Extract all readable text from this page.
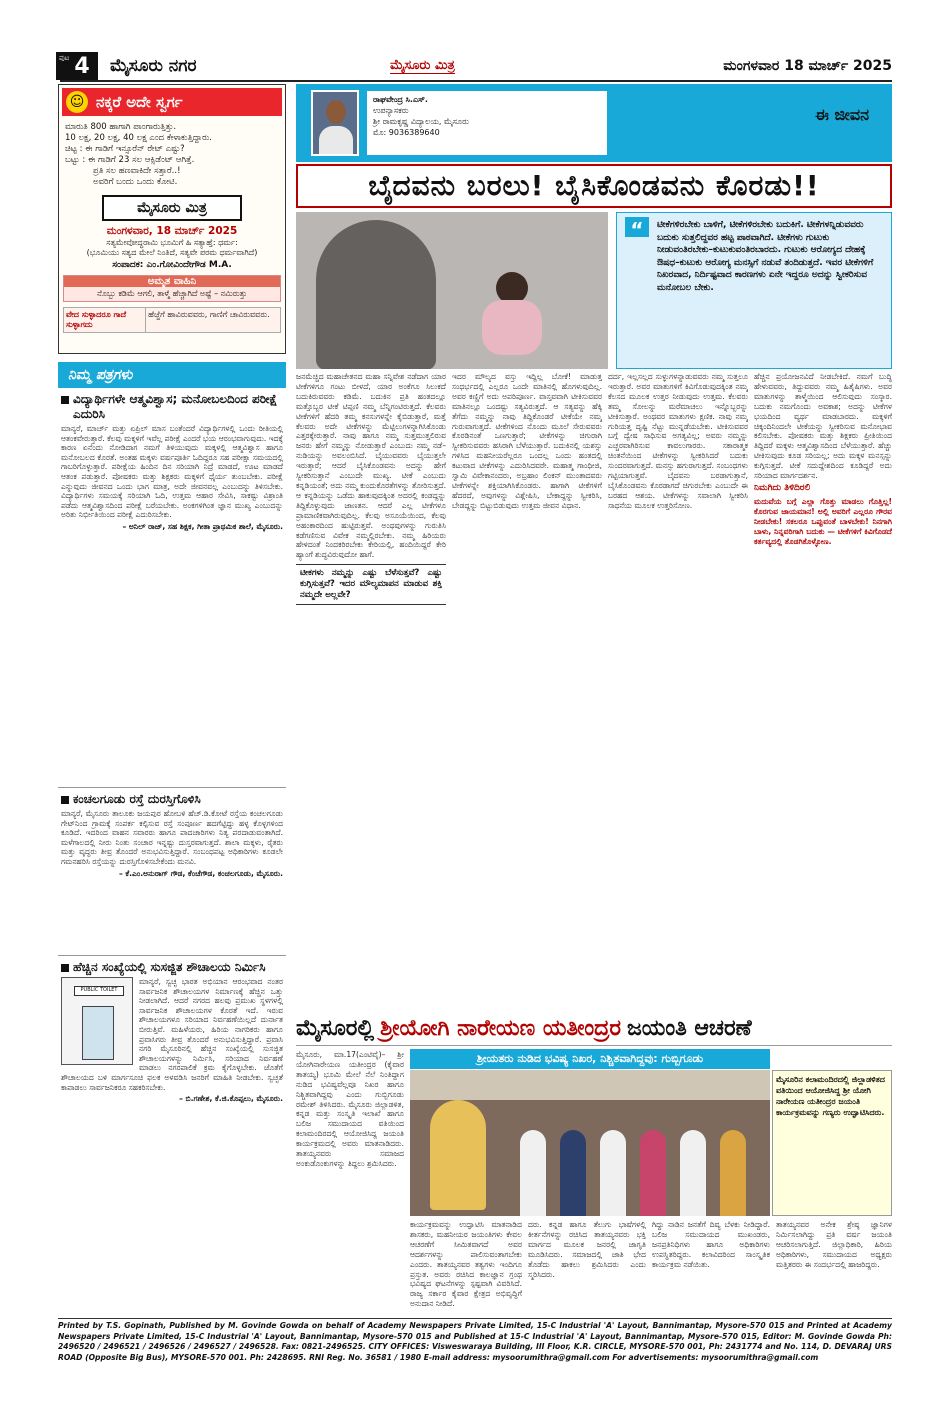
ಪುಟ 4 ಮೈಸೂರು ನಗರ	ಮೈಸೂರು ಮಿತ್ರ	ಮಂಗಳವಾರ 18 ಮಾರ್ಚ್ 2025
☺ ನಕ್ಕರೆ ಅದೇ ಸ್ವರ್ಗ
ಮಾರುತಿ 800 ಹಾಗಾಗಿ ಪಾಂಗಾರುತ್ತಿತ್ತು.
10 ಲಕ್ಷ, 20 ಲಕ್ಷ, 40 ಲಕ್ಷ ಎಂದ ಕೇಳಾಕುತ್ತಿದ್ದಾರು.
ಚಿಟ್ಟ : ಈ ಗಾಡಿಗೆ ಇನ್ಸೂರೆನ್ ರೇಟ್ ಎಷ್ಟು?
ಬಟ್ಟು : ಈ ಗಾಡಿಗೆ 23 ಸಲ ಆಕ್ಸಿಡೆಂಟ್ ಆಗಿತ್ತೆ.
ಪ್ರತಿ ಸಲ ಹಣವಾಕಿದೇ ಸತ್ತಾರೆ..!
ಅವರಿಗೆ ಬಂದು ಒಂದು ಕೋಟಿ.
ಮೈಸೂರು ಮಿತ್ರ
ಮಂಗಳವಾರ, 18 ಮಾರ್ಚ್ 2025
ಸತ್ಯಮೇವೋದ್ಧರಾಮಿ ಭೂಮಿಗೆ ಹಿ ಸತ್ಯಾಹ್ತೆ: ಧರ್ಮ:
(ಭೂಮಿಯು ಸತ್ಯದ ಮೇಲೆ ನಿಂತಿದೆ, ಸತ್ಯವೇ ಪರಮ ಧರ್ಮವಾಗಿದೆ)
ಸಂಪಾದಕ: ಎಂ.ಗೋವಿಂದೇಗೌಡ M.A.
ಅಮೃತ ವಾಹಿನಿ
ನೊಬ್ಬು ಕಡಿಮೆ ಆಗಲಿ, ತಾಳ್ಮೆ ಹೆಚ್ಚಾಗಿದೆ ಅಷ್ಟೆ – ನಮಿರುತ್ತು
ವೇದ ಸುಳ್ಳಾದರೂ ಗಾದೆ ಸುಳ್ಳಾಗದು
ಹೆಜ್ಜೆಗೆ ಹಾವಿರುವವರು, ಗಾಣಿಗೆ ಚಾವಿರುವವರು.
ನಿಮ್ಮ ಪತ್ರಗಳು
ವಿದ್ಯಾರ್ಥಿಗಳೇ ಆತ್ಮವಿಶ್ವಾಸ; ಮನೋಬಲದಿಂದ ಪರೀಕ್ಷೆ ಎದುರಿಸಿ
ಮಾನ್ಯರೆ, ಮಾರ್ಚ್ ಮತ್ತು ಏಪ್ರಿಲ್ ಮಾಸ ಬಂತೆಂದರೆ ವಿದ್ಯಾರ್ಥಿಗಳಲ್ಲಿ ಒಂದು ರೀತಿಯಲ್ಲಿ ಆತಂಕವೇರುತ್ತಾರೆ. ಕೆಲವು ಮಕ್ಕಳಿಗೆ ಇವೆಲ್ಲ ಪರೀಕ್ಷೆ ಎಂದರೆ ಭಯ ಆರಂಭವಾಗುವುದು. ಇದಕ್ಕೆ ಕಾರಣ ಏನೆಂದು ನೋಡಿದಾಗ ನಮಗೆ ತಿಳಿಯುವುದು ಮಕ್ಕಳಲ್ಲಿ ಆತ್ಮವಿಶ್ವಾಸ ಹಾಗೂ ಮನೋಬಲದ ಕೊರತೆ. ಅಂತಹ ಮಕ್ಕಳು ವರ್ಷಪೂರ್ತಿ ಓದಿದ್ದರೂ ಸಹ ಪರೀಕ್ಷಾ ಸಮಯದಲ್ಲಿ ಗಾಬರಿಗೊಳ್ಳುತ್ತಾರೆ. ಪರೀಕ್ಷೆಯ ಹಿಂದಿನ ದಿನ ಸರಿಯಾಗಿ ನಿದ್ರೆ ಮಾಡದೆ, ಊಟ ಮಾಡದೆ ಆತಂಕ ಪಡುತ್ತಾರೆ. ಪೋಷಕರು ಮತ್ತು ಶಿಕ್ಷಕರು ಮಕ್ಕಳಿಗೆ ಧೈರ್ಯ ತುಂಬಬೇಕು. ಪರೀಕ್ಷೆ ಎನ್ನುವುದು ಜೀವನದ ಒಂದು ಭಾಗ ಮಾತ್ರ, ಅದೇ ಜೀವನವಲ್ಲ ಎಂಬುದನ್ನು ತಿಳಿಸಬೇಕು. ವಿದ್ಯಾರ್ಥಿಗಳು ಸಮಯಕ್ಕೆ ಸರಿಯಾಗಿ ಓದಿ, ಉತ್ತಮ ಆಹಾರ ಸೇವಿಸಿ, ಸಾಕಷ್ಟು ವಿಶ್ರಾಂತಿ ಪಡೆದು ಆತ್ಮವಿಶ್ವಾಸದಿಂದ ಪರೀಕ್ಷೆ ಬರೆಯಬೇಕು. ಅಂಕಗಳಿಗಿಂತ ಜ್ಞಾನ ಮುಖ್ಯ ಎಂಬುದನ್ನು ಅರಿತು ನಿರ್ಭೀತಿಯಿಂದ ಪರೀಕ್ಷೆ ಎದುರಿಸಬೇಕು.
– ಅನಿಲ್ ರಾಜ್, ಸಹ ಶಿಕ್ಷಕ, ಗೀತಾ ಪ್ರಾಥಮಿಕ ಶಾಲೆ, ಮೈಸೂರು.
ಕಂಚಲಗೂಡು ರಸ್ತೆ ದುರಸ್ತಿಗೊಳಿಸಿ
ಮಾನ್ಯರೆ, ಮೈಸೂರು ತಾಲೂಕು ಜಯಪುರ ಹೋಬಳಿ ಹೆಚ್.ಡಿ.ಕೋಟೆ ರಸ್ತೆಯ ಕಂಚಲಗೂಡು ಗೇಟ್‌ನಿಂದ ಗ್ರಾಮಕ್ಕೆ ಸಂಪರ್ಕ ಕಲ್ಪಿಸುವ ರಸ್ತೆ ಸಂಪೂರ್ಣ ಹದಗೆಟ್ಟಿದ್ದು ಹಳ್ಳ ಕೊಳ್ಳಗಳಿಂದ ಕೂಡಿದೆ. ಇದರಿಂದ ವಾಹನ ಸವಾರರು ಹಾಗೂ ಪಾದಚಾರಿಗಳು ನಿತ್ಯ ಪರದಾಡುವಂತಾಗಿದೆ. ಮಳೆಗಾಲದಲ್ಲಿ ನೀರು ನಿಂತು ಸಂಚಾರ ಇನ್ನಷ್ಟು ದುಸ್ತರವಾಗುತ್ತದೆ. ಶಾಲಾ ಮಕ್ಕಳು, ರೈತರು ಮತ್ತು ವೃದ್ಧರು ತೀವ್ರ ತೊಂದರೆ ಅನುಭವಿಸುತ್ತಿದ್ದಾರೆ. ಸಂಬಂಧಪಟ್ಟ ಅಧಿಕಾರಿಗಳು ಕೂಡಲೇ ಗಮನಹರಿಸಿ ರಸ್ತೆಯನ್ನು ದುರಸ್ತಿಗೊಳಿಸಬೇಕೆಂದು ಮನವಿ.
– ಕೆ.ಎಂ.ಅನುರಾಗ್ ಗೌಡ, ಕೆಂಚೆಗೌಡ, ಕಂಚಲಗೂಡು, ಮೈಸೂರು.
ಹೆಚ್ಚಿನ ಸಂಖ್ಯೆಯಲ್ಲಿ ಸುಸಜ್ಜಿತ ಶೌಚಾಲಯ ನಿರ್ಮಿಸಿ
PUBLIC TOILET
ಮಾನ್ಯರೆ, ಸ್ವಚ್ಛ ಭಾರತ ಅಭಿಯಾನ ಆರಂಭವಾದ ನಂತರ ಸಾರ್ವಜನಿಕ ಶೌಚಾಲಯಗಳ ನಿರ್ಮಾಣಕ್ಕೆ ಹೆಚ್ಚಿನ ಒತ್ತು ನೀಡಲಾಗಿದೆ. ಆದರೆ ನಗರದ ಹಲವು ಪ್ರಮುಖ ಸ್ಥಳಗಳಲ್ಲಿ ಸಾರ್ವಜನಿಕ ಶೌಚಾಲಯಗಳ ಕೊರತೆ ಇದೆ. ಇರುವ ಶೌಚಾಲಯಗಳೂ ಸರಿಯಾದ ನಿರ್ವಹಣೆಯಿಲ್ಲದೆ ದುರ್ನಾತ ಬೀರುತ್ತಿವೆ. ಮಹಿಳೆಯರು, ಹಿರಿಯ ನಾಗರಿಕರು ಹಾಗೂ ಪ್ರವಾಸಿಗರು ತೀವ್ರ ತೊಂದರೆ ಅನುಭವಿಸುತ್ತಿದ್ದಾರೆ. ಪ್ರವಾಸಿ ನಗರಿ ಮೈಸೂರಿನಲ್ಲಿ ಹೆಚ್ಚಿನ ಸಂಖ್ಯೆಯಲ್ಲಿ ಸುಸಜ್ಜಿತ ಶೌಚಾಲಯಗಳನ್ನು ನಿರ್ಮಿಸಿ, ಸರಿಯಾದ ನಿರ್ವಹಣೆ ಮಾಡಲು ನಗರಪಾಲಿಕೆ ಕ್ರಮ ಕೈಗೊಳ್ಳಬೇಕು. ಜೊತೆಗೆ ಶೌಚಾಲಯದ ಬಳಿ ಮಾರ್ಗಸೂಚಿ ಫಲಕ ಅಳವಡಿಸಿ ಜನರಿಗೆ ಮಾಹಿತಿ ನೀಡಬೇಕು. ಸ್ವಚ್ಛತೆ ಕಾಪಾಡಲು ಸಾರ್ವಜನಿಕರೂ ಸಹಕರಿಸಬೇಕು.
– ಬಿ.ಗಣೇಶ, ಕೆ.ಜಿ.ಕೊಪ್ಪಲು, ಮೈಸೂರು.
ರಾಘವೇಂದ್ರ ಸಿ.ಎಸ್.
ಉಪನ್ಯಾಸಕರು
ಶ್ರೀ ರಾಮಕೃಷ್ಣ ವಿದ್ಯಾಲಯ, ಮೈಸೂರು
ಮೊ: 9036389640
ಈ ಜೀವನ
ಬೈದವನು ಬರಲು! ಬೈಸಿಕೊಂಡವನು ಕೊರಡು!!
“	ಟೀಕೆಗಳಿರಬೇಕು ಬಾಳಿಗೆ, ಟೀಕೆಗಳಿರಬೇಕು ಬದುಕಿಗೆ. ಟೀಕೆಗಳನ್ನಿಡುವವರು ಬದುಕು ಸುತ್ತಲಿದ್ದವರ ಹಟ್ಟ ಪಾಠವಾಗಿದೆ. ಟೀಕೆಗಳು ಗುಟುಕು ನೀಡುವಂತಿರಬೇಕು–ಕುಟುಕುವಂತಿರಬಾರದು. ಗುಟುಕು ಆರೋಗ್ಯದ ದೇಹಕ್ಕೆ ಔಷಧ–ಕುಟುಕು ಆರೋಗ್ಯ ಮನಸ್ಸಿಗೆ ನಡುವೆ ತಂದಿಡುತ್ತದೆ. ಇವರ ಟೀಕೆಗಳಿಗೆ ನಿಖರವಾದ, ನಿರ್ದಿಷ್ಟವಾದ ಕಾರಣಗಳು ಏನೇ ಇದ್ದರೂ ಅದನ್ನು ಸ್ವೀಕರಿಸುವ ಮನೋಬಲ ಬೇಕು.
ಜನಮೆಚ್ಚಿದ ಮಹಾಚೇತನದ ಮಹಾ ಸನ್ನಿವೇಶ ನಡೆದಾಗ ಯಾರ ಟೀಕೆಗಳಿಗೂ ಗಂಟು ಬೀಳದೆ, ಯಾರ ಅಂಕೆಗೂ ಸಿಲುಕದೆ ಬದುಕಿರುವವರು ಕಡಿಮೆ. ಬದುಕಿನ ಪ್ರತಿ ಹಂತದಲ್ಲೂ ಮತ್ತೊಬ್ಬರ ಟೀಕೆ ಟಿಪ್ಪಣಿ ನಮ್ಮ ಬೆನ್ನಿಗಂಟಿರುತ್ತದೆ. ಕೆಲವರು ಟೀಕೆಗಳಿಗೆ ಹೆದರಿ ತಮ್ಮ ಕನಸುಗಳನ್ನೇ ಕೈಬಿಡುತ್ತಾರೆ, ಮತ್ತೆ ಕೆಲವರು ಅದೇ ಟೀಕೆಗಳನ್ನು ಮೆಟ್ಟಿಲುಗಳನ್ನಾಗಿಸಿಕೊಂಡು ಎತ್ತರಕ್ಕೇರುತ್ತಾರೆ. ನಾವು ಹಾಗೂ ನಮ್ಮ ಸುತ್ತಮುತ್ತಲಿರುವ ಜನರು ಹೇಗೆ ನಮ್ಮನ್ನು ನೋಡುತ್ತಾರೆ ಎಂಬುದು ನಮ್ಮ ನಡೆ–ನುಡಿಯನ್ನು ಅವಲಂಬಿಸಿದೆ. ಬೈಯುವವರು ಬೈಯುತ್ತಲೇ ಇರುತ್ತಾರೆ; ಆದರೆ ಬೈಸಿಕೊಂಡವನು ಅದನ್ನು ಹೇಗೆ ಸ್ವೀಕರಿಸುತ್ತಾನೆ ಎಂಬುದೇ ಮುಖ್ಯ. ಟೀಕೆ ಎಂಬುದು ಕನ್ನಡಿಯಂತೆ; ಅದು ನಮ್ಮ ಕುಂದುಕೊರತೆಗಳನ್ನು ತೋರಿಸುತ್ತದೆ. ಆ ಕನ್ನಡಿಯನ್ನು ಒಡೆದು ಹಾಕುವುದಕ್ಕಿಂತ ಅದರಲ್ಲಿ ಕಂಡದ್ದನ್ನು ತಿದ್ದಿಕೊಳ್ಳುವುದು ಜಾಣತನ. ಆದರೆ ಎಲ್ಲ ಟೀಕೆಗಳೂ ಪ್ರಾಮಾಣಿಕವಾಗಿರುವುದಿಲ್ಲ. ಕೆಲವು ಅಸೂಯೆಯಿಂದ, ಕೆಲವು ಅಹಂಕಾರದಿಂದ ಹುಟ್ಟಿರುತ್ತವೆ. ಅಂಥವುಗಳನ್ನು ಗುರುತಿಸಿ ಕಡೆಗಣಿಸುವ ವಿವೇಕ ನಮ್ಮಲ್ಲಿರಬೇಕು. ನಮ್ಮ ಹಿರಿಯರು ಹೇಳಿದಂತೆ ನಿಂದಕರಿರಬೇಕು ಕೇರಿಯಲ್ಲಿ, ಹಂದಿಯಿದ್ದರೆ ಕೇರಿ ಹ್ಯಾಂಗೆ ಶುದ್ಧವಿರುವುದೋ ಹಾಗೆ.
ಟೀಕಗಳು ನಮ್ಮನ್ನು ಎಷ್ಟು ಬೆಳೆಸುತ್ತವೆ? ಎಷ್ಟು ಕುಗ್ಗಿಸುತ್ತವೆ? ಇದರ ಮೌಲ್ಯಮಾಪನ ಮಾಡುವ ಶಕ್ತಿ ನಮ್ಮದೇ ಅಲ್ಲವೇ?
ಇದರ ಮೌಲ್ಯದ ವಸ್ತು ಇದ್ದಿಲ್ಲ ಬೋಕೆ! ಮಾಡುತ್ತ ಸಂಧರ್ಭದಲ್ಲಿ ಎಲ್ಲರೂ ಒಂದೇ ಮಾತಿನಲ್ಲಿ ಹೊಗಳುವುದಿಲ್ಲ. ಅವರ ಕಣ್ಣಿಗೆ ಅದು ಅಪರಿಪೂರ್ಣ. ವಾಸ್ತವವಾಗಿ ಟೀಕಿಸುವವರ ಮಾತಿನಲ್ಲೂ ಒಂದಷ್ಟು ಸತ್ಯವಿರುತ್ತದೆ. ಆ ಸತ್ಯವನ್ನು ಹೆಕ್ಕಿ ತೆಗೆದು ನಮ್ಮನ್ನು ನಾವು ತಿದ್ದಿಕೊಂಡರೆ ಟೀಕೆಯೇ ನಮ್ಮ ಗುರುವಾಗುತ್ತದೆ. ಟೀಕೆಗಳಿಂದ ನೊಂದು ಮೂಲೆ ಸೇರುವವರು ಕೊರಡಿನಂತೆ ಒಣಗುತ್ತಾರೆ; ಟೀಕೆಗಳನ್ನು ಚಿಗುರಾಗಿ ಸ್ವೀಕರಿಸುವವರು ಹಸಿರಾಗಿ ಬೆಳೆಯುತ್ತಾರೆ. ಬದುಕಿನಲ್ಲಿ ಯಶಸ್ಸು ಗಳಿಸಿದ ಮಹನೀಯರೆಲ್ಲರೂ ಒಂದಲ್ಲ ಒಂದು ಹಂತದಲ್ಲಿ ಕಟುವಾದ ಟೀಕೆಗಳನ್ನು ಎದುರಿಸಿದವರೇ. ಮಹಾತ್ಮ ಗಾಂಧೀಜಿ, ಸ್ವಾಮಿ ವಿವೇಕಾನಂದರು, ಅಬ್ರಹಾಂ ಲಿಂಕನ್ ಮುಂತಾದವರು ಟೀಕೆಗಳನ್ನೇ ಶಕ್ತಿಯಾಗಿಸಿಕೊಂಡರು. ಹಾಗಾಗಿ ಟೀಕೆಗಳಿಗೆ ಹೆದರದೆ, ಅವುಗಳನ್ನು ವಿಶ್ಲೇಷಿಸಿ, ಬೇಕಾದ್ದನ್ನು ಸ್ವೀಕರಿಸಿ, ಬೇಡದ್ದನ್ನು ಬಿಟ್ಟುಬಿಡುವುದು ಉತ್ತಮ ಜೀವನ ವಿಧಾನ.
ದರ್ದ, ಇಲ್ಲಸಲ್ಲದ ಸುಳ್ಳುಗಳನ್ನಾಡುವವರು ನಮ್ಮ ಸುತ್ತಲೂ ಇರುತ್ತಾರೆ. ಅವರ ಮಾತುಗಳಿಗೆ ಕಿವಿಗೊಡುವುದಕ್ಕಿಂತ ನಮ್ಮ ಕೆಲಸದ ಮೂಲಕ ಉತ್ತರ ನೀಡುವುದು ಉತ್ತಮ. ಕೆಲವರು ತಮ್ಮ ಸೋಲನ್ನು ಮರೆಮಾಚಲು ಇನ್ನೊಬ್ಬರನ್ನು ಟೀಕಿಸುತ್ತಾರೆ. ಅಂಥವರ ಮಾತುಗಳು ಕ್ಷಣಿಕ. ನಾವು ನಮ್ಮ ಗುರಿಯತ್ತ ದೃಷ್ಟಿ ನೆಟ್ಟು ಮುನ್ನಡೆಯಬೇಕು. ಟೀಕಿಸುವವರ ಬಗ್ಗೆ ದ್ವೇಷ ಸಾಧಿಸುವ ಅಗತ್ಯವಿಲ್ಲ; ಅವರು ನಮ್ಮನ್ನು ಎಚ್ಚರವಾಗಿರಿಸುವ ಕಾವಲುಗಾರರು. ಸಕಾರಾತ್ಮಕ ಚಿಂತನೆಯಿಂದ ಟೀಕೆಗಳನ್ನು ಸ್ವೀಕರಿಸಿದರೆ ಬದುಕು ಸುಂದರವಾಗುತ್ತದೆ. ಮನಸ್ಸು ಹಗುರಾಗುತ್ತದೆ. ಸಂಬಂಧಗಳು ಗಟ್ಟಿಯಾಗುತ್ತವೆ. ಬೈದವನು ಬರಡಾಗುತ್ತಾನೆ, ಬೈಸಿಕೊಂಡವನು ಕೊರಡಾಗದೆ ಚಿಗುರಬೇಕು ಎಂಬುದೇ ಈ ಬರಹದ ಆಶಯ. ಟೀಕೆಗಳನ್ನು ಸವಾಲಾಗಿ ಸ್ವೀಕರಿಸಿ ಸಾಧನೆಯ ಮೂಲಕ ಉತ್ತರಿಸೋಣ.
ಹೆಚ್ಚಿನ ಪ್ರಯೋಜನವಿದೆ ನೀಡಬೇಕಿದೆ. ನಮಗೆ ಬುದ್ಧಿ ಹೇಳುವವರು, ತಿದ್ದುವವರು ನಮ್ಮ ಹಿತೈಷಿಗಳು. ಅವರ ಮಾತುಗಳನ್ನು ತಾಳ್ಮೆಯಿಂದ ಆಲಿಸುವುದು ಸಂಸ್ಕಾರ. ಬದುಕು ನಮಗೊಂದು ಅವಕಾಶ; ಅದನ್ನು ಟೀಕೆಗಳ ಭಯದಿಂದ ವ್ಯರ್ಥ ಮಾಡಬಾರದು. ಮಕ್ಕಳಿಗೆ ಚಿಕ್ಕಂದಿನಿಂದಲೇ ಟೀಕೆಯನ್ನು ಸ್ವೀಕರಿಸುವ ಮನೋಭಾವ ಕಲಿಸಬೇಕು. ಪೋಷಕರು ಮತ್ತು ಶಿಕ್ಷಕರು ಪ್ರೀತಿಯಿಂದ ತಿದ್ದಿದರೆ ಮಕ್ಕಳು ಆತ್ಮವಿಶ್ವಾಸದಿಂದ ಬೆಳೆಯುತ್ತಾರೆ. ಹೆಚ್ಚು ಟೀಕಿಸುವುದು ಕೂಡ ಸರಿಯಲ್ಲ; ಅದು ಮಕ್ಕಳ ಮನಸ್ಸನ್ನು ಕುಗ್ಗಿಸುತ್ತದೆ. ಟೀಕೆ ಸದುದ್ದೇಶದಿಂದ ಕೂಡಿದ್ದರೆ ಅದು ಸರಿಯಾದ ಮಾರ್ಗದರ್ಶನ.
ನಿಮಗಿದು ತಿಳಿದಿರಲಿ
ಮದುವೆಯ ಬಗ್ಗೆ ಎಲ್ಲಾ ಗೊತ್ತು ಮಾಡಲು ಗೊತ್ತಿಲ್ಲ! ಕೊರಗುವ ಜಾಯಮಾನ! ಅಲ್ಲಿ ಅವರಿಗೆ ಎಲ್ಲರೂ ಗೌರವ ನೀಡಬೇಕು! ಸಕಲರೂ ಒಪ್ಪುವಂತೆ ಬಾಳಬೇಕು! ನಿನಗಾಗಿ ಬಾಳು, ನಿನ್ನವರಿಗಾಗಿ ಬದುಕು — ಟೀಕೆಗಳಿಗೆ ಕಿವಿಗೊಡದೆ ಕರ್ತವ್ಯದಲ್ಲಿ ತೊಡಗಿಕೊಳ್ಳೋಣ.
ಮೈಸೂರಲ್ಲಿ ಶ್ರೀಯೋಗಿ ನಾರೇಯಣ ಯತೀಂದ್ರರ ಜಯಂತಿ ಆಚರಣೆ
ಮೈಸೂರು, ಮಾ.17(ಎಂಟಿವೈ)– ಶ್ರೀ ಯೋಗಿನಾರೇಯಣ ಯತೀಂದ್ರರ (ಕೈವಾರ ತಾತಯ್ಯ) ಭೂಮಿ ಮೇಲೆ ನೆಲೆ ನಿಂತಿದ್ದಾಗ ನುಡಿದ ಭವಿಷ್ಯವೆಲ್ಲವೂ ನಿಖರ ಹಾಗೂ ನಿಶ್ಚಿತವಾಗಿದ್ದವು ಎಂದು ಗುಬ್ಬಿಗೂಡು ರಮೇಶ್ ತಿಳಿಸಿದರು. ಮೈಸೂರು ಜಿಲ್ಲಾಡಳಿತ, ಕನ್ನಡ ಮತ್ತು ಸಂಸ್ಕೃತಿ ಇಲಾಖೆ ಹಾಗೂ ಬಲಿಜ ಸಮುದಾಯದ ವತಿಯಿಂದ ಕಲಾಮಂದಿರದಲ್ಲಿ ಆಯೋಜಿಸಿದ್ದ ಜಯಂತಿ ಕಾರ್ಯಕ್ರಮದಲ್ಲಿ ಅವರು ಮಾತನಾಡಿದರು. ತಾತಯ್ಯನವರು ಸಮಾಜದ ಅಂಕುಡೊಂಕುಗಳನ್ನು ತಿದ್ದಲು ಶ್ರಮಿಸಿದರು.
ಶ್ರೀಯತರು ನುಡಿದ ಭವಿಷ್ಯ ನಿಖರ, ನಿಶ್ಚಿತವಾಗಿದ್ದವು: ಗುಬ್ಬಿಗೂಡು
ಮೈಸೂರಿನ ಕಲಾಮಂದಿರದಲ್ಲಿ ಜಿಲ್ಲಾಡಳಿತದ ವತಿಯಿಂದ ಆಯೋಜಿಸಿದ್ದ ಶ್ರೀ ಯೋಗಿ ನಾರೇಯಣ ಯತೀಂದ್ರರ ಜಯಂತಿ ಕಾರ್ಯಕ್ರಮವನ್ನು ಗಣ್ಯರು ಉದ್ಘಾಟಿಸಿದರು.
ಕಾರ್ಯಕ್ರಮವನ್ನು ಉದ್ಘಾಟಿಸಿ ಮಾತನಾಡಿದ ಶಾಸಕರು, ಮಹನೀಯರ ಜಯಂತಿಗಳು ಕೇವಲ ಆಚರಣೆಗೆ ಸೀಮಿತವಾಗದೆ ಅವರ ಆದರ್ಶಗಳನ್ನು ಪಾಲಿಸುವಂತಾಗಬೇಕು ಎಂದರು. ತಾತಯ್ಯನವರ ತತ್ವಗಳು ಇಂದಿಗೂ ಪ್ರಸ್ತುತ. ಅವರು ರಚಿಸಿದ ಕಾಲಜ್ಞಾನ ಗ್ರಂಥ ಭವಿಷ್ಯದ ಘಟನೆಗಳನ್ನು ಸ್ಪಷ್ಟವಾಗಿ ವಿವರಿಸಿದೆ. ರಾಜ್ಯ ಸರ್ಕಾರ ಕೈವಾರ ಕ್ಷೇತ್ರದ ಅಭಿವೃದ್ಧಿಗೆ ಅನುದಾನ ನೀಡಿದೆ.
ದರು. ಕನ್ನಡ ಹಾಗೂ ತೆಲುಗು ಭಾಷೆಗಳಲ್ಲಿ ಕೀರ್ತನೆಗಳನ್ನು ರಚಿಸಿದ ತಾತಯ್ಯನವರು ಭಕ್ತಿ ಮಾರ್ಗದ ಮೂಲಕ ಜನರಲ್ಲಿ ಜಾಗೃತಿ ಮೂಡಿಸಿದರು. ಸಮಾಜದಲ್ಲಿ ಜಾತಿ ಭೇದ ತೊಡೆದು ಹಾಕಲು ಶ್ರಮಿಸಿದರು ಎಂದು ಸ್ಮರಿಸಿದರು.
ಗಿದ್ದು ನಾಡಿನ ಜನತೆಗೆ ದಿವ್ಯ ಬೆಳಕು ನೀಡಿದ್ದಾರೆ. ಬಲಿಜ ಸಮುದಾಯದ ಮುಖಂಡರು, ಜನಪ್ರತಿನಿಧಿಗಳು ಹಾಗೂ ಅಧಿಕಾರಿಗಳು ಉಪಸ್ಥಿತರಿದ್ದರು. ಕಲಾವಿದರಿಂದ ಸಾಂಸ್ಕೃತಿಕ ಕಾರ್ಯಕ್ರಮ ನಡೆಯಿತು.
ತಾತಯ್ಯನವರ ಅನೇಕ ಶ್ರೇಷ್ಠ ಜ್ಞಾನಿಗಳ ನಿರ್ಮಿಸಲಾಗಿದ್ದು ಪ್ರತಿ ವರ್ಷ ಜಯಂತಿ ಆಚರಿಸಲಾಗುತ್ತಿದೆ. ಜಿಲ್ಲಾಧಿಕಾರಿ, ಹಿರಿಯ ಅಧಿಕಾರಿಗಳು, ಸಮುದಾಯದ ಅಧ್ಯಕ್ಷರು ಮತ್ತಿತರರು ಈ ಸಂದರ್ಭದಲ್ಲಿ ಹಾಜರಿದ್ದರು.
Printed by T.S. Gopinath, Published by M. Govinde Gowda on behalf of Academy Newspapers Private Limited, 15-C Industrial 'A' Layout, Bannimantap, Mysore-570 015 and Printed at Academy Newspapers Private Limited, 15-C Industrial 'A' Layout, Bannimantap, Mysore-570 015 and Published at 15-C Industrial 'A' Layout, Bannimantap, Mysore-570 015, Editor: M. Govinde Gowda Ph: 2496520 / 2496521 / 2496526 / 2496527 / 2496528. Fax: 0821-2496525. CITY OFFICES: Visweswaraya Building, III Floor, K.R. CIRCLE, MYSORE-570 001, Ph: 2431774 and No. 114, D. DEVARAJ URS ROAD (Opposite Big Bus), MYSORE-570 001. Ph: 2428695. RNI Reg. No. 36581 / 1980 E-mail address: mysoorumithra@gmail.com For advertisements: mysoorumithra@gmail.com
